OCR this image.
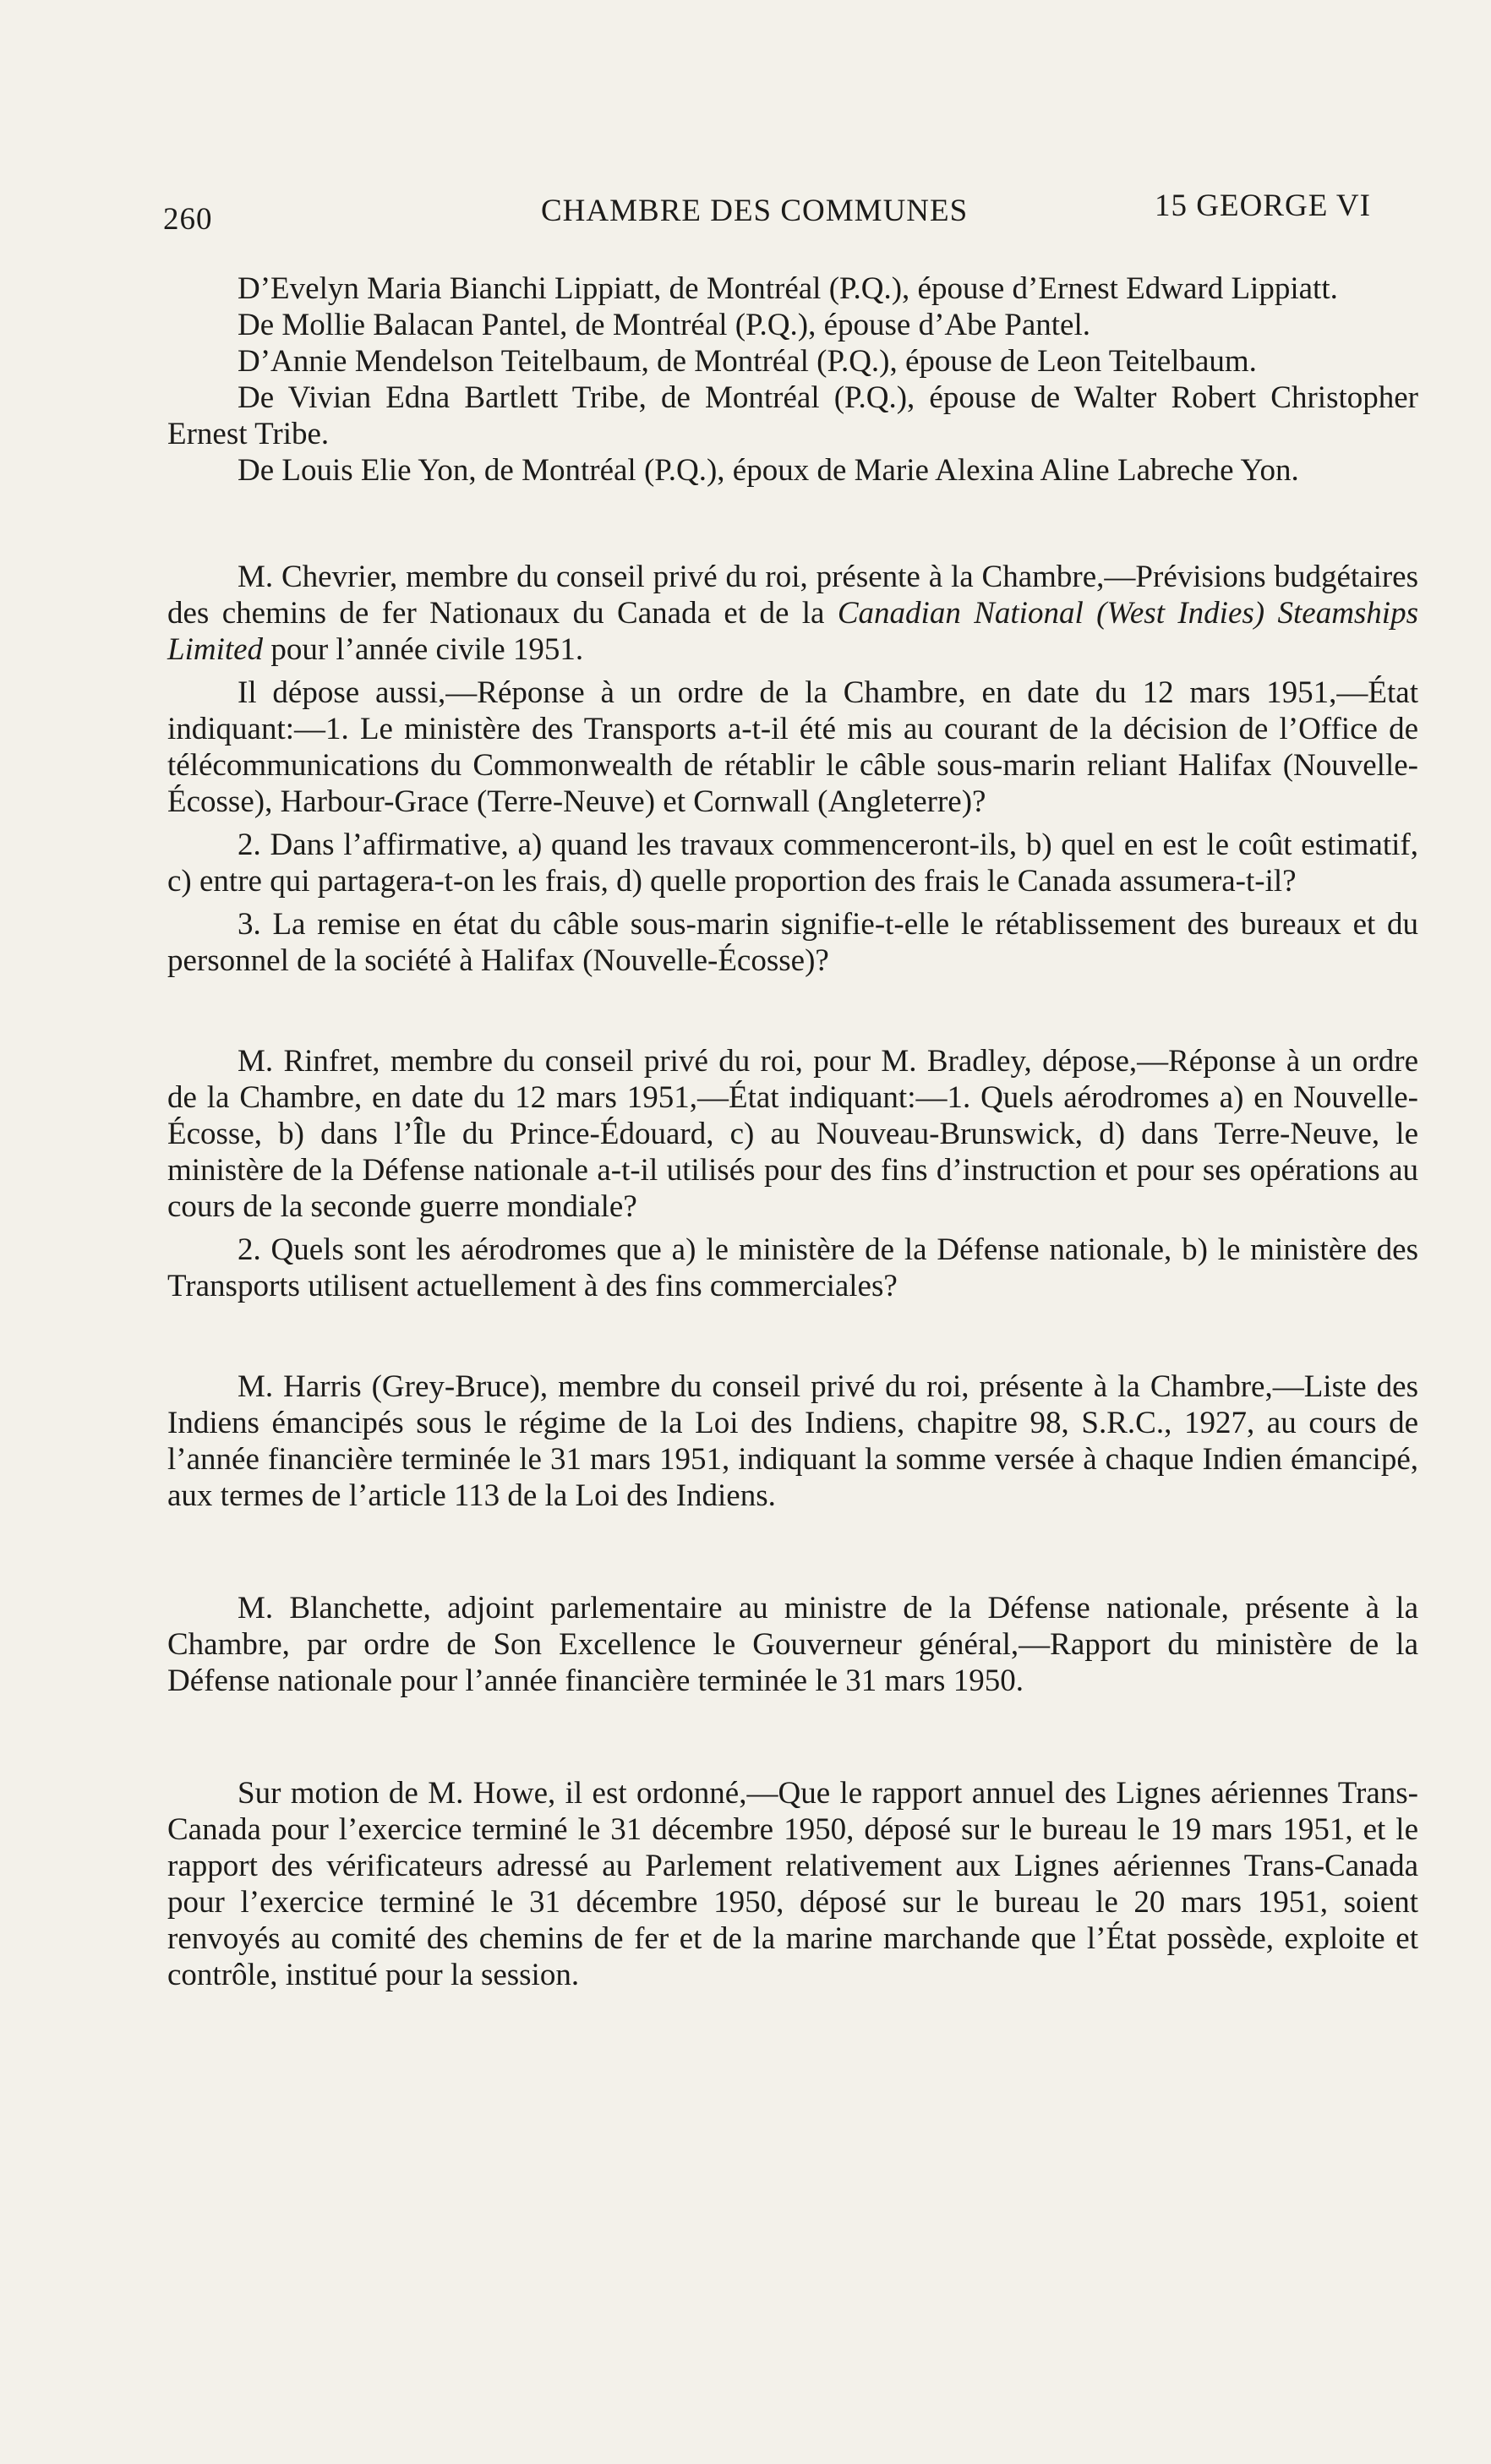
260	CHAMBRE DES COMMUNES	15 GEORGE VI

D’Evelyn Maria Bianchi Lippiatt, de Montréal (P.Q.), épouse d’Ernest Edward Lippiatt.

De Mollie Balacan Pantel, de Montréal (P.Q.), épouse d’Abe Pantel.

D’Annie Mendelson Teitelbaum, de Montréal (P.Q.), épouse de Leon Teitelbaum.

De Vivian Edna Bartlett Tribe, de Montréal (P.Q.), épouse de Walter Robert Christopher Ernest Tribe.

De Louis Elie Yon, de Montréal (P.Q.), époux de Marie Alexina Aline Labreche Yon.

M. Chevrier, membre du conseil privé du roi, présente à la Chambre,—Prévisions budgétaires des chemins de fer Nationaux du Canada et de la Canadian National (West Indies) Steamships Limited pour l’année civile 1951.

Il dépose aussi,—Réponse à un ordre de la Chambre, en date du 12 mars 1951,—État indiquant:—1. Le ministère des Transports a-t-il été mis au courant de la décision de l’Office de télécommunications du Commonwealth de rétablir le câble sous-marin reliant Halifax (Nouvelle-Écosse), Harbour-Grace (Terre-Neuve) et Cornwall (Angleterre)?

2. Dans l’affirmative, a) quand les travaux commenceront-ils, b) quel en est le coût estimatif, c) entre qui partagera-t-on les frais, d) quelle proportion des frais le Canada assumera-t-il?

3. La remise en état du câble sous-marin signifie-t-elle le rétablissement des bureaux et du personnel de la société à Halifax (Nouvelle-Écosse)?

M. Rinfret, membre du conseil privé du roi, pour M. Bradley, dépose,—Réponse à un ordre de la Chambre, en date du 12 mars 1951,—État indiquant:—1. Quels aérodromes a) en Nouvelle-Écosse, b) dans l’Île du Prince-Édouard, c) au Nouveau-Brunswick, d) dans Terre-Neuve, le ministère de la Défense nationale a-t-il utilisés pour des fins d’instruction et pour ses opérations au cours de la seconde guerre mondiale?

2. Quels sont les aérodromes que a) le ministère de la Défense nationale, b) le ministère des Transports utilisent actuellement à des fins commerciales?

M. Harris (Grey-Bruce), membre du conseil privé du roi, présente à la Chambre,—Liste des Indiens émancipés sous le régime de la Loi des Indiens, chapitre 98, S.R.C., 1927, au cours de l’année financière terminée le 31 mars 1951, indiquant la somme versée à chaque Indien émancipé, aux termes de l’article 113 de la Loi des Indiens.

M. Blanchette, adjoint parlementaire au ministre de la Défense nationale, présente à la Chambre, par ordre de Son Excellence le Gouverneur général,—Rapport du ministère de la Défense nationale pour l’année financière terminée le 31 mars 1950.

Sur motion de M. Howe, il est ordonné,—Que le rapport annuel des Lignes aériennes Trans-Canada pour l’exercice terminé le 31 décembre 1950, déposé sur le bureau le 19 mars 1951, et le rapport des vérificateurs adressé au Parlement relativement aux Lignes aériennes Trans-Canada pour l’exercice terminé le 31 décembre 1950, déposé sur le bureau le 20 mars 1951, soient renvoyés au comité des chemins de fer et de la marine marchande que l’État possède, exploite et contrôle, institué pour la session.
